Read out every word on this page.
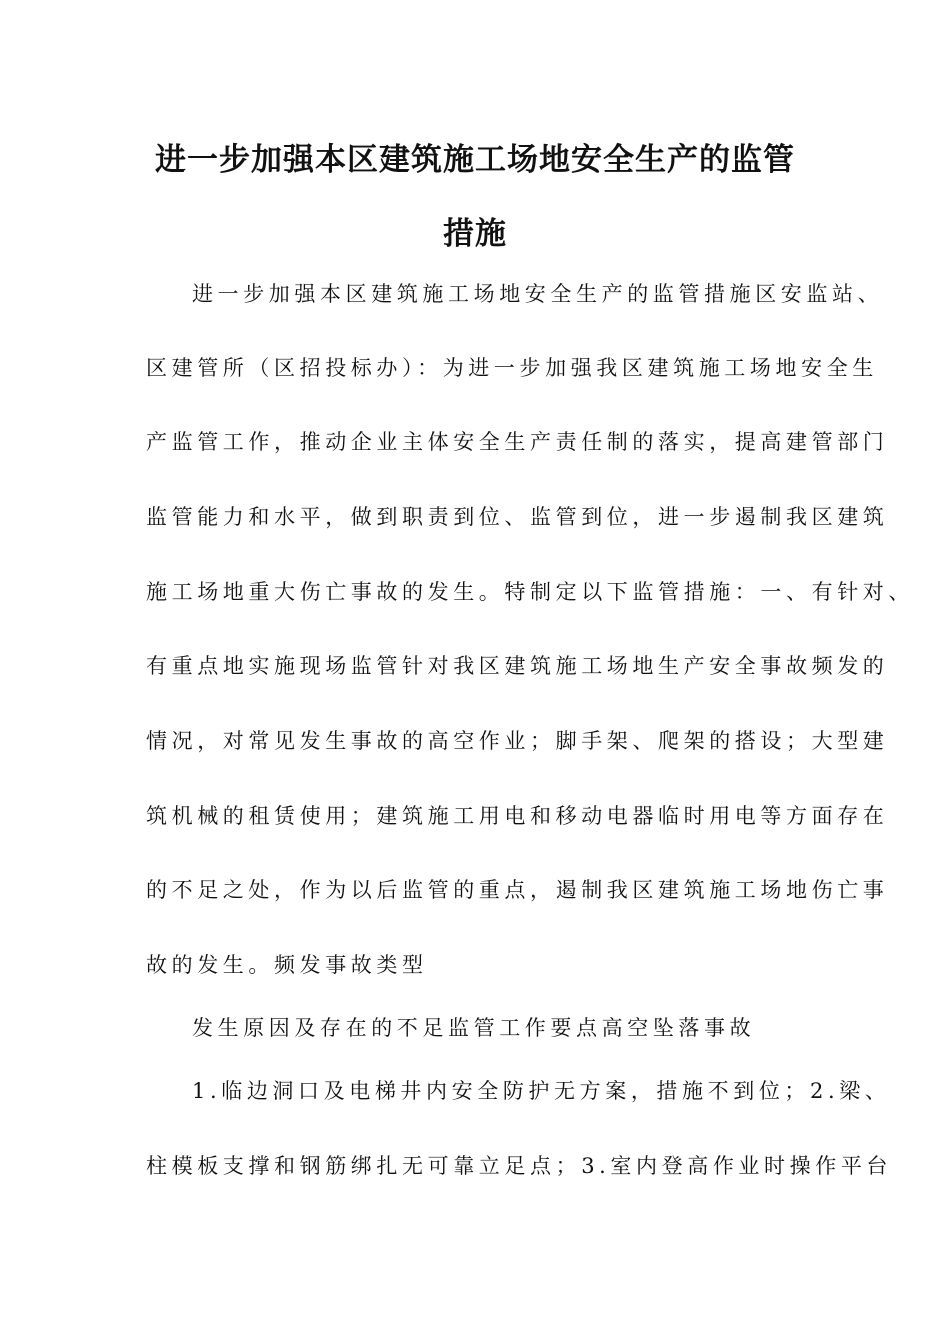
进一步加强本区建筑施工场地安全生产的监管
措施
进一步加强本区建筑施工场地安全生产的监管措施区安监站、
区建管所（区招投标办）：为进一步加强我区建筑施工场地安全生
产监管工作，推动企业主体安全生产责任制的落实，提高建管部门
监管能力和水平，做到职责到位、监管到位，进一步遏制我区建筑
施工场地重大伤亡事故的发生。特制定以下监管措施：一、有针对、
有重点地实施现场监管针对我区建筑施工场地生产安全事故频发的
情况，对常见发生事故的高空作业；脚手架、爬架的搭设；大型建
筑机械的租赁使用；建筑施工用电和移动电器临时用电等方面存在
的不足之处，作为以后监管的重点，遏制我区建筑施工场地伤亡事
故的发生。频发事故类型
发生原因及存在的不足监管工作要点高空坠落事故
1.临边洞口及电梯井内安全防护无方案，措施不到位；2.梁、
柱模板支撑和钢筋绑扎无可靠立足点；3.室内登高作业时操作平台
